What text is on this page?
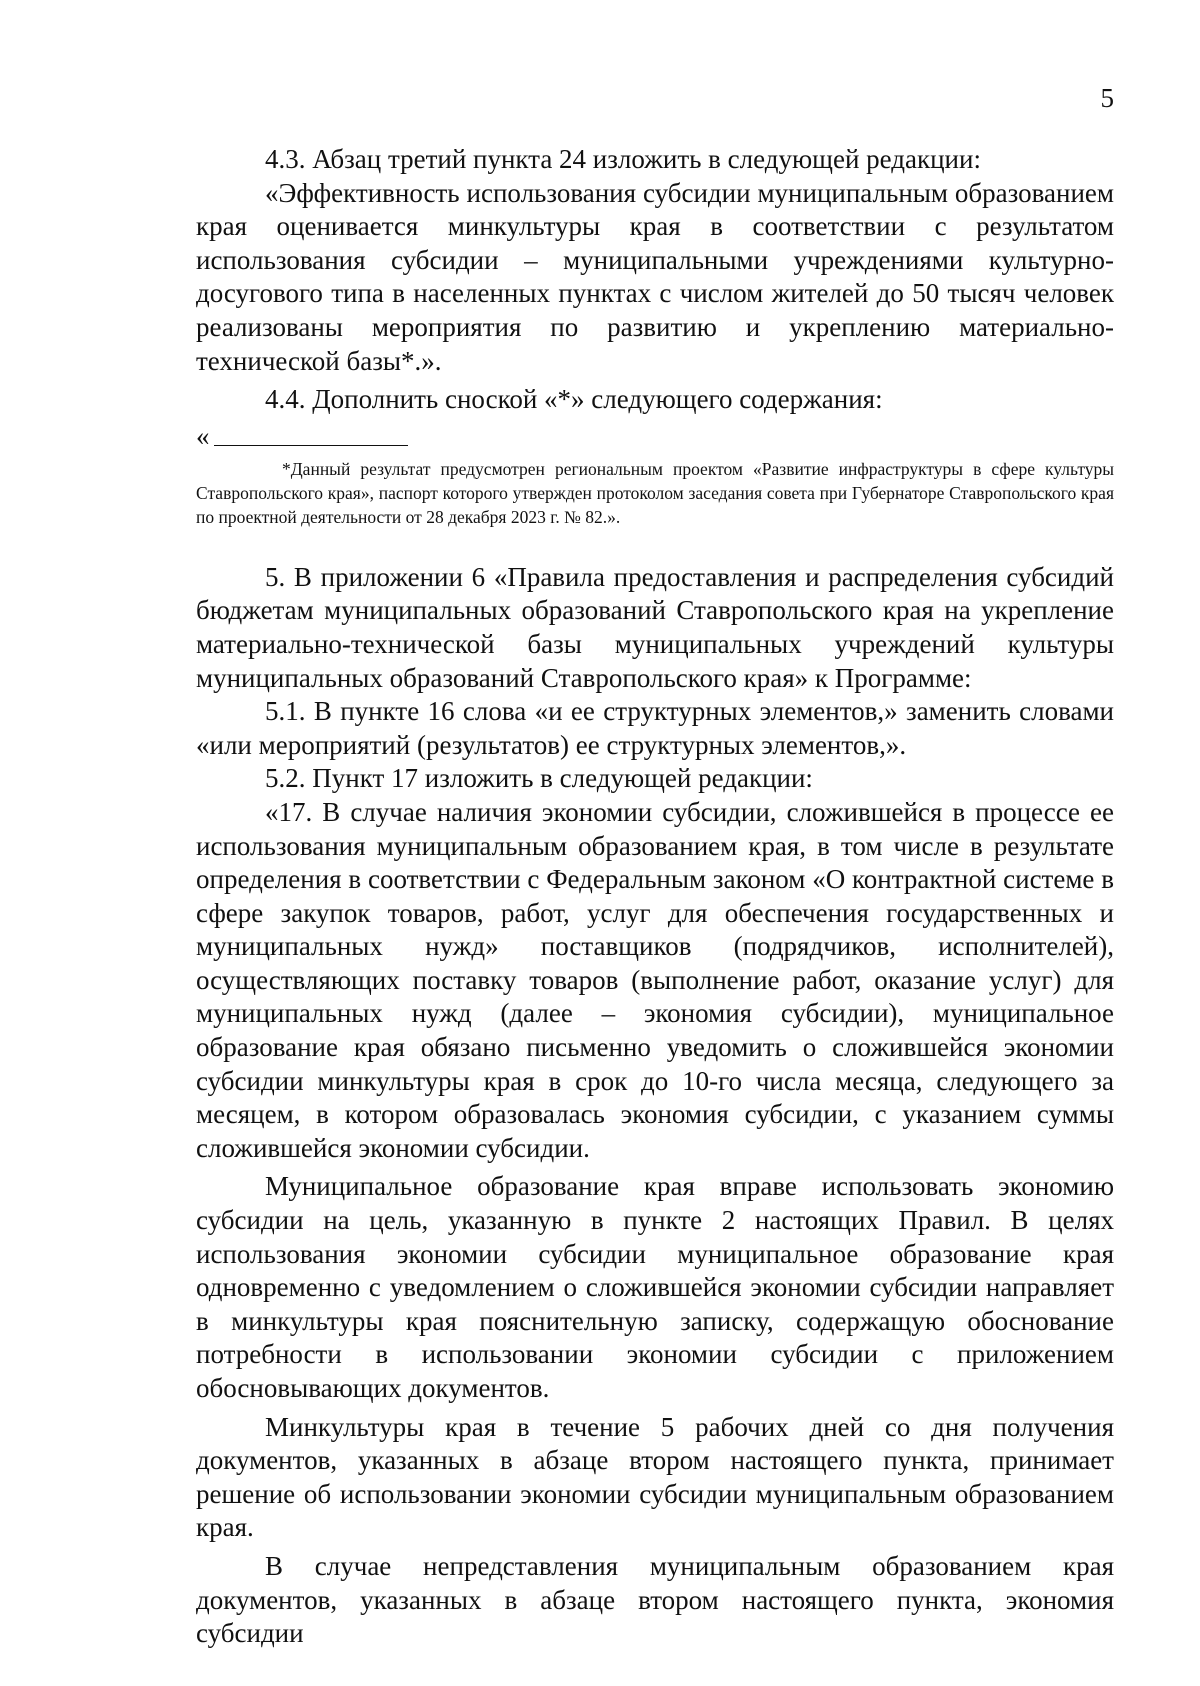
5

4.3. Абзац третий пункта 24 изложить в следующей редакции:

«Эффективность использования субсидии муниципальным образованием края оценивается минкультуры края в соответствии с результатом использования субсидии – муниципальными учреждениями культурно-досугового типа в населенных пунктах с числом жителей до 50 тысяч человек реализованы мероприятия по развитию и укреплению материально-технической базы*.».

4.4. Дополнить сноской «*» следующего содержания:

«

*Данный результат предусмотрен региональным проектом «Развитие инфраструктуры в сфере культуры Ставропольского края», паспорт которого утвержден протоколом заседания совета при Губернаторе Ставропольского края по проектной деятельности от 28 декабря 2023 г. № 82.».

5. В приложении 6 «Правила предоставления и распределения субсидий бюджетам муниципальных образований Ставропольского края на укрепление материально-технической базы муниципальных учреждений культуры муниципальных образований Ставропольского края» к Программе:

5.1. В пункте 16 слова «и ее структурных элементов,» заменить словами «или мероприятий (результатов) ее структурных элементов,».

5.2. Пункт 17 изложить в следующей редакции:

«17. В случае наличия экономии субсидии, сложившейся в процессе ее использования муниципальным образованием края, в том числе в результате определения в соответствии с Федеральным законом «О контрактной системе в сфере закупок товаров, работ, услуг для обеспечения государственных и муниципальных нужд» поставщиков (подрядчиков, исполнителей), осуществляющих поставку товаров (выполнение работ, оказание услуг) для муниципальных нужд (далее – экономия субсидии), муниципальное образование края обязано письменно уведомить о сложившейся экономии субсидии минкультуры края в срок до 10-го числа месяца, следующего за месяцем, в котором образовалась экономия субсидии, с указанием суммы сложившейся экономии субсидии.

Муниципальное образование края вправе использовать экономию субсидии на цель, указанную в пункте 2 настоящих Правил. В целях использования экономии субсидии муниципальное образование края одновременно с уведомлением о сложившейся экономии субсидии направляет в минкультуры края пояснительную записку, содержащую обоснование потребности в использовании экономии субсидии с приложением обосновывающих документов.

Минкультуры края в течение 5 рабочих дней со дня получения документов, указанных в абзаце втором настоящего пункта, принимает решение об использовании экономии субсидии муниципальным образованием края.

В случае непредставления муниципальным образованием края документов, указанных в абзаце втором настоящего пункта, экономия субсидии
